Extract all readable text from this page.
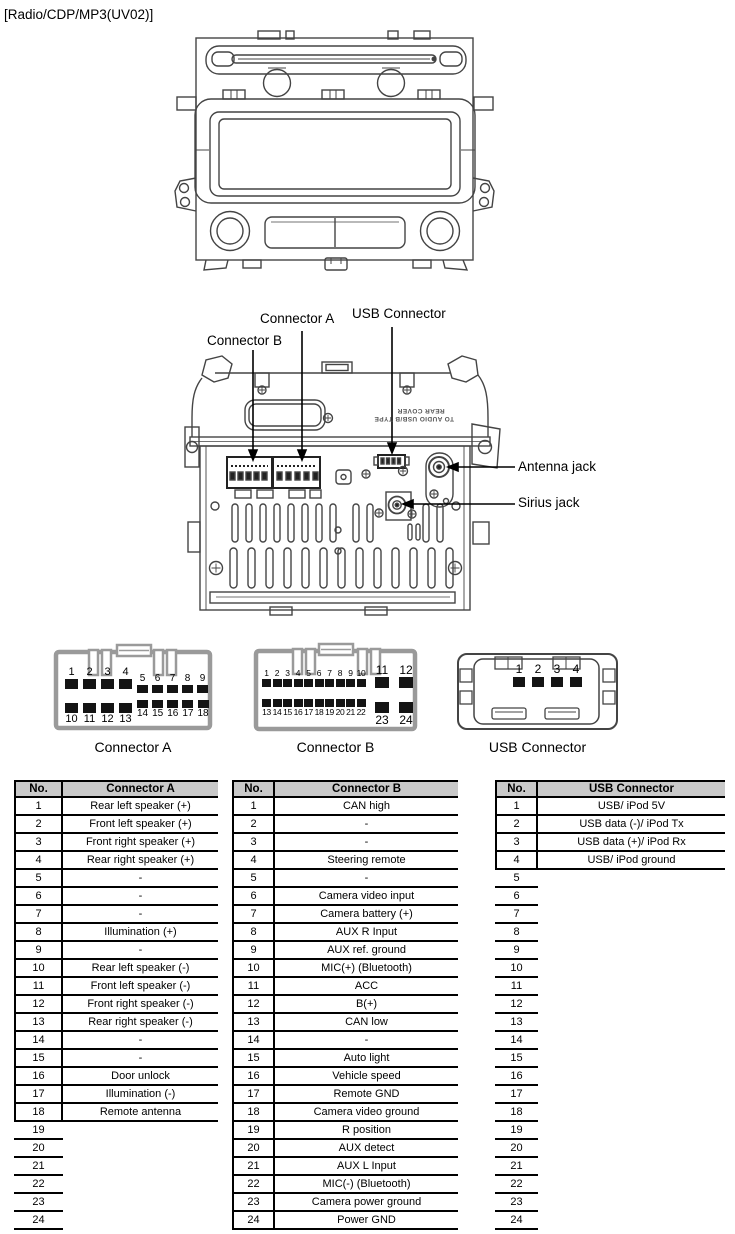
[Radio/CDP/MP3(UV02)]
Connector B
Connector A USB Connector
Antenna jack
Sirius jack
TO AUDIO USB/B TYPE
REAR COVER
1 2 3 4
5 6 7 8 9
10 11 12 13 14 15 16 17 18
1 2 3 4 5 6 7 8 9 10 11 12
13 14 15 16 17 18 19 20 21 22
23 24
1 2 3 4
Connector A	Connector B	USB Connector
No.	Connector A
1	Rear left speaker (+)
2	Front left speaker (+)
3	Front right speaker (+)
4	Rear right speaker (+)
5	-
6	-
7	-
8	Illumination (+)
9	-
10	Rear left speaker (-)
11	Front left speaker (-)
12	Front right speaker (-)
13	Rear right speaker (-)
14	-
15	-
16	Door unlock
17	Illumination (-)
18	Remote antenna
19
20
21
22
23
24
No.	Connector B
1	CAN high
2	-
3	-
4	Steering remote
5	-
6	Camera video input
7	Camera battery (+)
8	AUX R Input
9	AUX ref. ground
10	MIC(+) (Bluetooth)
11	ACC
12	B(+)
13	CAN low
14	-
15	Auto light
16	Vehicle speed
17	Remote GND
18	Camera video ground
19	R position
20	AUX detect
21	AUX L Input
22	MIC(-) (Bluetooth)
23	Camera power ground
24	Power GND
No.	USB Connector
1	USB/ iPod 5V
2	USB data (-)/ iPod Tx
3	USB data (+)/ iPod Rx
4	USB/ iPod ground
5
6
7
8
9
10
11
12
13
14
15
16
17
18
19
20
21
22
23
24
